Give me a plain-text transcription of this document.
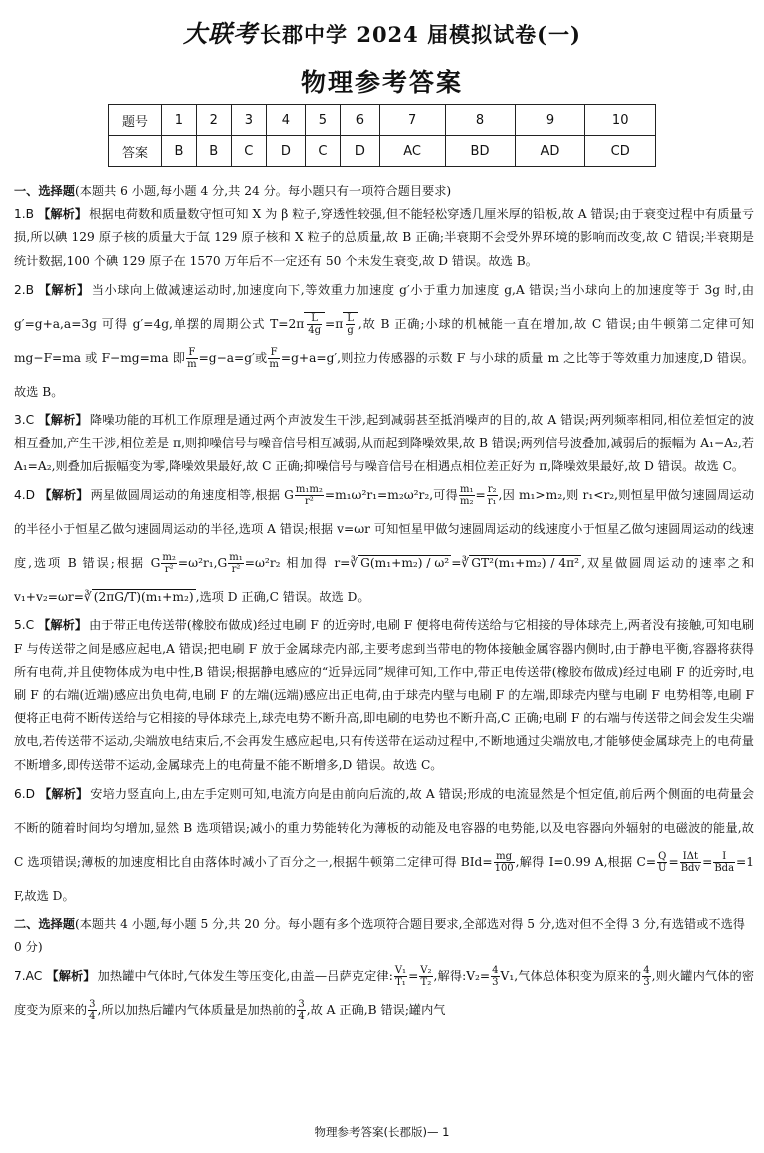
大联考长郡中学 2024 届模拟试卷(一)
物理参考答案
题号	1	2	3	4	5	6	7	8	9	10
答案	B	B	C	D	C	D	AC	BD	AD	CD
一、选择题(本题共 6 小题,每小题 4 分,共 24 分。每小题只有一项符合题目要求)
1.B 【解析】 根据电荷数和质量数守恒可知 X 为 β 粒子,穿透性较强,但不能轻松穿透几厘米厚的铅板,故 A 错误;由于衰变过程中有质量亏损,所以碘 129 原子核的质量大于氙 129 原子核和 X 粒子的总质量,故 B 正确;半衰期不会受外界环境的影响而改变,故 C 错误;半衰期是统计数据,100 个碘 129 原子在 1570 万年后不一定还有 50 个未发生衰变,故 D 错误。故选 B。
2.B 【解析】 当小球向上做减速运动时,加速度向下,等效重力加速度 g′小于重力加速度 g,A 错误;当小球向上的加速度等于 3g 时,由 g′=g+a,a=3g 可得 g′=4g,单摆的周期公式 $T=2\pi \frac{L}{4g} =\pi \frac{L}{g}$ ,故 B 正确;小球的机械能一直在增加,故 C 错误;由牛顿第二定律可知 mg−F=ma 或 F−mg=ma 即 $\frac{F}{m} =g-a=g'$或 $\frac{F}{m} =g+a=g'$,则拉力传感器的示数 F 与小球的质量 m 之比等于等效重力加速度,D 错误。故选 B。
3.C 【解析】 降噪功能的耳机工作原理是通过两个声波发生干涉,起到减弱甚至抵消噪声的目的,故 A 错误;两列频率相同,相位差恒定的波相互叠加,产生干涉,相位差是 π,则抑噪信号与噪音信号相互减弱,从而起到降噪效果,故 B 错误;两列信号波叠加,减弱后的振幅为 A₁−A₂,若 A₁=A₂,则叠加后振幅变为零,降噪效果最好,故 C 正确;抑噪信号与噪音信号在相遇点相位差正好为 π,降噪效果最好,故 D 错误。故选 C。
4.D 【解析】 两星做圆周运动的角速度相等,根据 G $\frac{\text{m₁m₂}}{\text{r²}} =m_1\omega^2r_1=m_2\omega^2r_2$,可得 $\frac{\text{m₁}}{\text{m₂}} = \frac{\text{r₂}}{\text{r₁}}$ ,因 m₁>m₂,则 r₁<r₂,则恒星甲做匀速圆周运动的半径小于恒星乙做匀速圆周运动的半径,选项 A 错误;根据 v=ωr 可知恒星甲做匀速圆周运动的线速度小于恒星乙做匀速圆周运动的线速度,选项 B 错误;根据 G $\frac{\text{m₂}}{\text{r²}} =\omega^2r_1,G \frac{\text{m₁}}{\text{r²}} =\omega^2r_2$ 相加得 r=∛ G(m₁+m₂) / ω² =∛ GT²(m₁+m₂) / 4π² ,双星做圆周运动的速率之和 v₁+v₂=ωr=∛ (2πG/T)(m₁+m₂) ,选项 D 正确,C 错误。故选 D。
5.C 【解析】 由于带正电传送带(橡胶布做成)经过电刷 F 的近旁时,电刷 F 便将电荷传送给与它相接的导体球壳上,两者没有接触,可知电刷 F 与传送带之间是感应起电,A 错误;把电刷 F 放于金属球壳内部,主要考虑到当带电的物体接触金属容器内侧时,由于静电平衡,容器将获得所有电荷,并且使物体成为电中性,B 错误;根据静电感应的“近异远同”规律可知,工作中,带正电传送带(橡胶布做成)经过电刷 F 的近旁时,电刷 F 的右端(近端)感应出负电荷,电刷 F 的左端(远端)感应出正电荷,由于球壳内壁与电刷 F 的左端,即球壳内壁与电刷 F 电势相等,电刷 F 便将正电荷不断传送给与它相接的导体球壳上,球壳电势不断升高,即电刷的电势也不断升高,C 正确;电刷 F 的右端与传送带之间会发生尖端放电,若传送带不运动,尖端放电结束后,不会再发生感应起电,只有传送带在运动过程中,不断地通过尖端放电,才能够使金属球壳上的电荷量不断增多,即传送带不运动,金属球壳上的电荷量不能不断增多,D 错误。故选 C。
6.D 【解析】 安培力竖直向上,由左手定则可知,电流方向是由前向后流的,故 A 错误;形成的电流显然是个恒定值,前后两个侧面的电荷量会不断的随着时间均匀增加,显然 B 选项错误;减小的重力势能转化为薄板的动能及电容器的电势能,以及电容器向外辐射的电磁波的能量,故 C 选项错误;薄板的加速度相比自由落体时减小了百分之一,根据牛顿第二定律可得 $BId= \frac{mg}{100}$ ,解得 I=0.99 A,根据 $C= \frac{Q}{U} = \frac{\text{IΔt}}{\text{Bdv}} = \frac{I}{\text{Bda}} =1$ F,故选 D。
二、选择题(本题共 4 小题,每小题 5 分,共 20 分。每小题有多个选项符合题目要求,全部选对得 5 分,选对但不全得 3 分,有选错或不选得 0 分)
7.AC 【解析】 加热罐中气体时,气体发生等压变化,由盖—吕萨克定律: $\frac{\text{V₁}}{\text{T₁}} = \frac{\text{V₂}}{\text{T₂}}$ ,解得:V₂= $\frac{4}{3} V_1$,气体总体积变为原来的 $\frac{4}{3}$ ,则火罐内气体的密度变为原来的 $\frac{3}{4}$ ,所以加热后罐内气体质量是加热前的 $\frac{3}{4}$ ,故 A 正确,B 错误;罐内气
物理参考答案(长郡版)— 1
